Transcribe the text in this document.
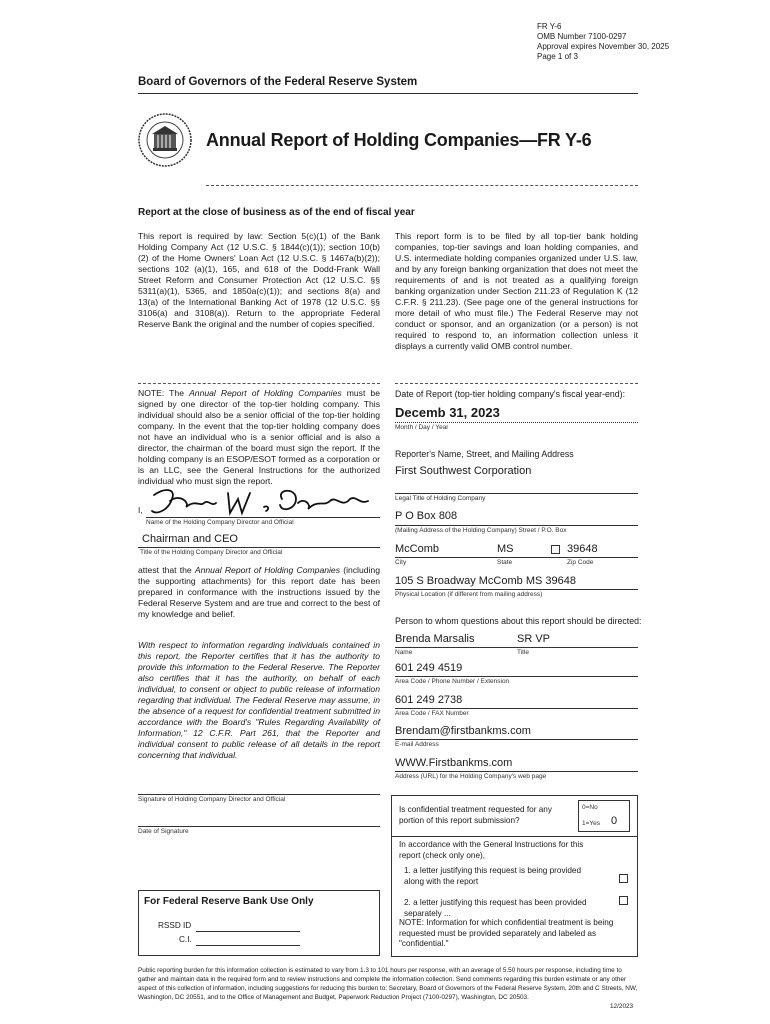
FR Y-6
OMB Number 7100-0297
Approval expires November 30, 2025
Page 1 of 3
Board of Governors of the Federal Reserve System
Annual Report of Holding Companies—FR Y-6
Report at the close of business as of the end of fiscal year
This report is required by law: Section 5(c)(1) of the Bank Holding Company Act (12 U.S.C. § 1844(c)(1)); section 10(b)(2) of the Home Owners' Loan Act (12 U.S.C. § 1467a(b)(2)); sections 102 (a)(1), 165, and 618 of the Dodd-Frank Wall Street Reform and Consumer Protection Act (12 U.S.C. §§ 5311(a)(1), 5365, and 1850a(c)(1)); and sections 8(a) and 13(a) of the International Banking Act of 1978 (12 U.S.C. §§ 3106(a) and 3108(a)). Return to the appropriate Federal Reserve Bank the original and the number of copies specified.
This report form is to be filed by all top-tier bank holding companies, top-tier savings and loan holding companies, and U.S. intermediate holding companies organized under U.S. law, and by any foreign banking organization that does not meet the requirements of and is not treated as a qualifying foreign banking organization under Section 211.23 of Regulation K (12 C.F.R. § 211.23). (See page one of the general instructions for more detail of who must file.) The Federal Reserve may not conduct or sponsor, and an organization (or a person) is not required to respond to, an information collection unless it displays a currently valid OMB control number.
NOTE: The Annual Report of Holding Companies must be signed by one director of the top-tier holding company. This individual should also be a senior official of the top-tier holding company. In the event that the top-tier holding company does not have an individual who is a senior official and is also a director, the chairman of the board must sign the report. If the holding company is an ESOP/ESOT formed as a corporation or is an LLC, see the General Instructions for the authorized individual who must sign the report.
I,
Name of the Holding Company Director and Official
Chairman and CEO
Title of the Holding Company Director and Official
attest that the Annual Report of Holding Companies (including the supporting attachments) for this report date has been prepared in conformance with the instructions issued by the Federal Reserve System and are true and correct to the best of my knowledge and belief.
With respect to information regarding individuals contained in this report, the Reporter certifies that it has the authority to provide this information to the Federal Reserve. The Reporter also certifies that it has the authority, on behalf of each individual, to consent or object to public release of information regarding that individual. The Federal Reserve may assume, in the absence of a request for confidential treatment submitted in accordance with the Board's "Rules Regarding Availability of Information," 12 C.F.R. Part 261, that the Reporter and individual consent to public release of all details in the report concerning that individual.
Signature of Holding Company Director and Official
Date of Signature
For Federal Reserve Bank Use Only
RSSD ID
C.I.
Date of Report (top-tier holding company's fiscal year-end):
Decemb 31, 2023
Month / Day / Year
Reporter's Name, Street, and Mailing Address
First Southwest Corporation
Legal Title of Holding Company
P O Box 808
(Mailing Address of the Holding Company) Street / P.O. Box
McComb	MS	39648
City	State	Zip Code
105 S Broadway McComb MS 39648
Physical Location (if different from mailing address)
Person to whom questions about this report should be directed:
Brenda Marsalis	SR VP
Name	Title
601 249 4519
Area Code / Phone Number / Extension
601 249 2738
Area Code / FAX Number
Brendam@firstbankms.com
E-mail Address
WWW.Firstbankms.com
Address (URL) for the Holding Company's web page
Is confidential treatment requested for any portion of this report submission?
0=No
1=Yes 0
In accordance with the General Instructions for this report (check only one),
1. a letter justifying this request is being provided along with the report
2. a letter justifying this request has been provided separately ...
NOTE: Information for which confidential treatment is being requested must be provided separately and labeled as "confidential."
Public reporting burden for this information collection is estimated to vary from 1.3 to 101 hours per response, with an average of 5.50 hours per response, including time to gather and maintain data in the required form and to review instructions and complete the information collection. Send comments regarding this burden estimate or any other aspect of this collection of information, including suggestions for reducing this burden to: Secretary, Board of Governors of the Federal Reserve System, 20th and C Streets, NW, Washington, DC 20551, and to the Office of Management and Budget, Paperwork Reduction Project (7100-0297), Washington, DC 20503.
12/2023
